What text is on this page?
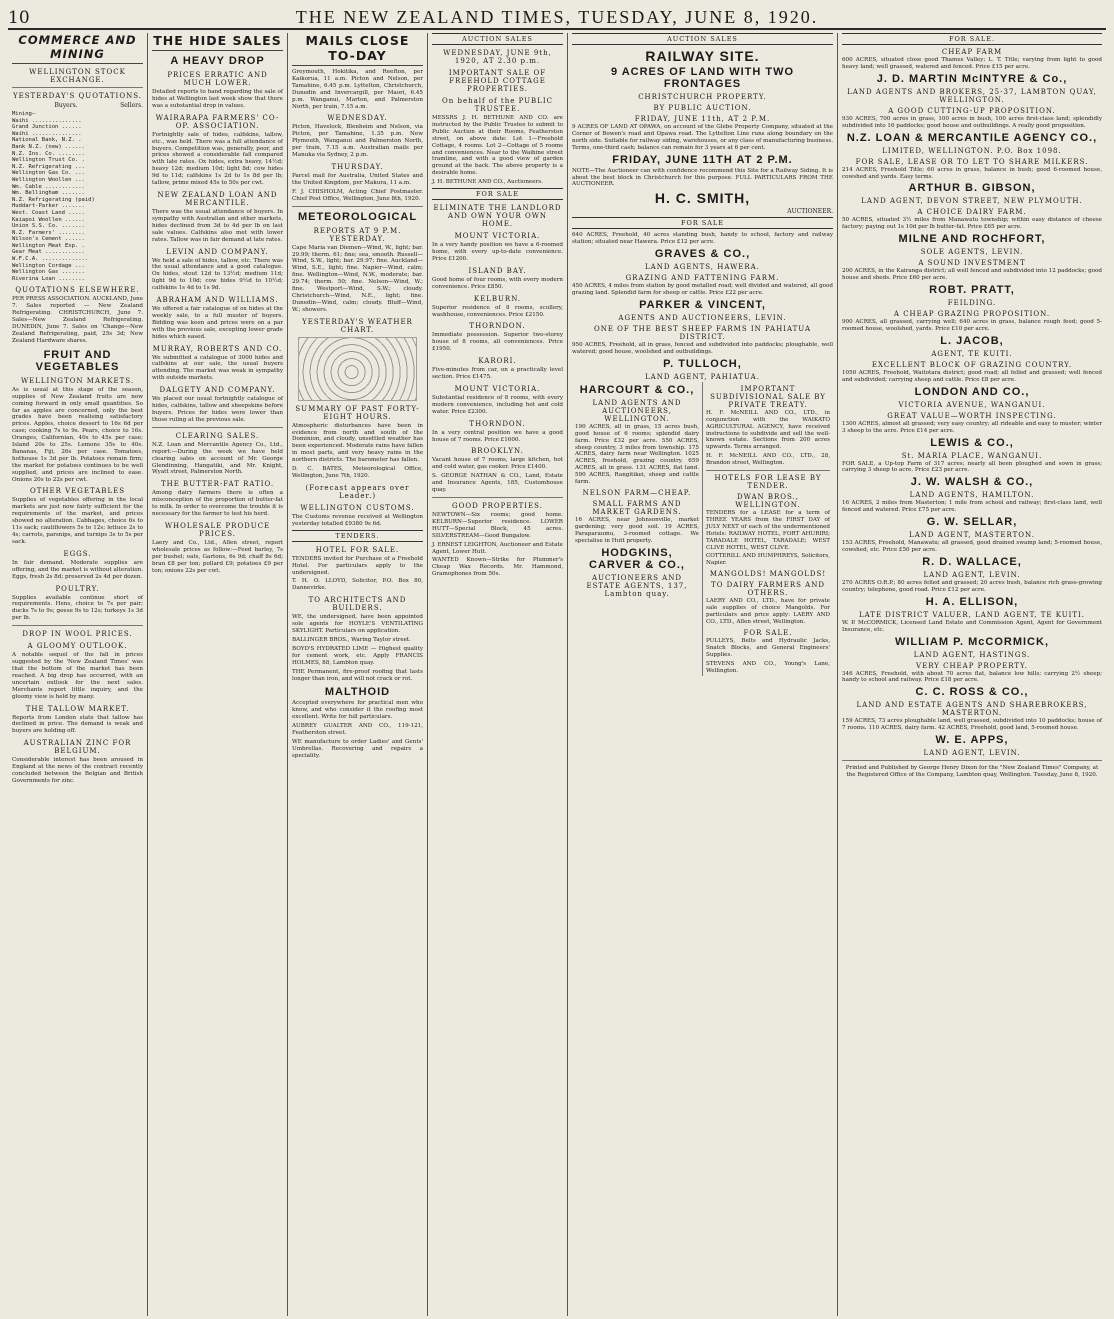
10	THE NEW ZEALAND TIMES, TUESDAY, JUNE 8, 1920.
COMMERCE AND MINING
WELLINGTON STOCK EXCHANGE.
YESTERDAY'S QUOTATIONS.
Buyers.	Sellers.
Mining—
Waihi ...............
Grand Junction ......
Waihi ...............
National Bank, N.Z. .
Bank N.Z. (new) ......
N.Z. Ins. Co. ........
Wellington Trust Co. .
N.Z. Refrigerating ...
Wellington Gas Co. ...
Wellington Woollen ...
Wm. Cable ............
Wm. Bellingham .......
N.Z. Refrigerating (paid)
Huddart-Parker .......
West. Coast Land .....
Kaiapoi Woollen ......
Union S.S. Co. .......
N.Z. Farmers' ........
Wilson's Cement ......
Wellington Meat Exp. .
Gear Meat ............
W.F.C.A. ..............
Wellington Cordage ...
Wellington Gas .......
Riverina Loan ........
QUOTATIONS ELSEWHERE.

PER PRESS ASSOCIATION. AUCKLAND, June 7. Sales reported — New Zealand Refrigerating. CHRISTCHURCH, June 7. Sales—New Zealand Refrigerating. DUNEDIN, June 7. Sales on 'Change—New Zealand Refrigerating, paid, 25s 3d; New Zealand Hardware shares.

FRUIT AND VEGETABLES
WELLINGTON MARKETS.

As is usual at this stage of the season, supplies of New Zealand fruits are now coming forward in only small quantities. So far as apples are concerned, only the best grades have been realising satisfactory prices. Apples, choice dessert to 16s 6d per case; cooking 7s to 9s. Pears, choice to 16s. Oranges, Californian, 40s to 45s per case; Island 20s to 25s. Lemons 35s to 40s. Bananas, Fiji, 26s per case. Tomatoes, hothouse 1s 3d per lb. Potatoes remain firm; the market for potatoes continues to be well supplied, and prices are inclined to ease. Onions 20s to 22s per cwt.

OTHER VEGETABLES

Supplies of vegetables offering in the local markets are just now fairly sufficient for the requirements of the market, and prices showed no alteration. Cabbages, choice 6s to 11s sack; cauliflowers 5s to 12s; lettuce 2s to 4s; carrots, parsnips, and turnips 3s to 5s per sack.

EGGS.

In fair demand. Moderate supplies are offering, and the market is without alteration. Eggs, fresh 2s 8d; preserved 2s 4d per dozen.

POULTRY.

Supplies available continue short of requirements. Hens, choice to 7s per pair; ducks 7s to 9s; geese 9s to 12s; turkeys 1s 3d per lb.

DROP IN WOOL PRICES.
A GLOOMY OUTLOOK.

A notable sequel of the fall in prices suggested by the 'New Zealand Times' was that the bottom of the market has been reached. A big drop has occurred, with an uncertain outlook for the next sales. Merchants report little inquiry, and the gloomy view is held by many.

THE TALLOW MARKET.

Reports from London state that tallow has declined in price. The demand is weak and buyers are holding off.

AUSTRALIAN ZINC FOR BELGIUM.

Considerable interest has been aroused in England at the news of the contract recently concluded between the Belgian and British Governments for zinc.

THE HIDE SALES
A HEAVY DROP
PRICES ERRATIC AND MUCH LOWER.

Detailed reports to hand regarding the sale of hides at Wellington last week show that there was a substantial drop in values.

WAIRARAPA FARMERS' CO-OP. ASSOCIATION.

Fortnightly sale of hides, calfskins, tallow, etc., was held. There was a full attendance of buyers. Competition was, generally, poor, and prices showed a considerable fall compared with late rates. Ox hides, extra heavy, 14½d; heavy 12d; medium 10d; light 8d; cow hides 9d to 11d; calfskins 1s 2d to 1s 8d per lb; tallow, prime mixed 45s to 50s per cwt.

NEW ZEALAND LOAN AND MERCANTILE.

There was the usual attendance of buyers. In sympathy with Australian and other markets, hides declined from 3d to 4d per lb on last sale values. Calfskins also met with lower rates. Tallow was in fair demand at late rates.

LEVIN AND COMPANY.

We held a sale of hides, tallow, etc. There was the usual attendance and a good catalogue. Ox hides, stout 12d to 13½d; medium 11d; light 9d to 10d; cow hides 9½d to 10½d; calfskins 1s 4d to 1s 9d.

ABRAHAM AND WILLIAMS.

We offered a fair catalogue of ox hides at the weekly sale, to a full muster of buyers. Bidding was keen and prices were on a par with the previous sale, excepting lower grade hides which eased.

MURRAY, ROBERTS AND CO.

We submitted a catalogue of 3000 hides and calfskins at our sale, the usual buyers attending. The market was weak in sympathy with outside markets.

DALGETY AND COMPANY.

We placed our usual fortnightly catalogue of hides, calfskins, tallow and sheepskins before buyers. Prices for hides were lower than those ruling at the previous sale.

CLEARING SALES.

N.Z. Loan and Mercantile Agency Co., Ltd., report:—During the week we have held clearing sales on account of Mr. George Glendinning, Hangatiki, and Mr. Knight, Wyatt street, Palmerston North.

THE BUTTER-FAT RATIO.

Among dairy farmers there is often a misconception of the proportion of butter-fat to milk. In order to overcome the trouble it is necessary for the farmer to test his herd.

WHOLESALE PRODUCE PRICES.

Laery and Co., Ltd., Allen street, report wholesale prices as follow:—Feed barley, 7s per bushel; oats, Gartons, 6s 9d; chaff 8s 6d; bran £8 per ton; pollard £9; potatoes £9 per ton; onions 22s per cwt.

MAILS CLOSE TO-DAY

Greymouth, Hokitika, and Reefton, per Kaikorua, 11 a.m. Picton and Nelson, per Tamahine, 6.45 p.m. Lyttelton, Christchurch, Dunedin and Invercargill, per Maori, 6.45 p.m. Wanganui, Marton, and Palmerston North, per train, 7.15 a.m.

WEDNESDAY.

Picton, Havelock, Blenheim and Nelson, via Picton, per Tamahine, 1.35 p.m. New Plymouth, Wanganui and Palmerston North, per train, 7.15 a.m. Australian mails per Manuka via Sydney, 2 p.m.

THURSDAY.

Parcel mail for Australia, United States and the United Kingdom, per Makura, 11 a.m.

F. J. CHISHOLM, Acting Chief Postmaster. Chief Post Office, Wellington, June 8th, 1920.

METEOROLOGICAL
REPORTS AT 9 P.M. YESTERDAY.

Cape Maria van Diemen—Wind, W., light; bar. 29.99; therm. 61; fine; sea, smooth. Russell—Wind, S.W., light; bar. 29.97; fine. Auckland—Wind, S.E., light; fine. Napier—Wind, calm; fine. Wellington—Wind, N.W., moderate; bar. 29.74; therm. 50; fine. Nelson—Wind, W.; fine. Westport—Wind, S.W.; cloudy. Christchurch—Wind, N.E., light; fine. Dunedin—Wind, calm; cloudy. Bluff—Wind, W.; showers.

YESTERDAY'S WEATHER CHART.
SUMMARY OF PAST FORTY-EIGHT HOURS.

Atmospheric disturbances have been in evidence from north and south of the Dominion, and cloudy, unsettled weather has been experienced. Moderate rains have fallen in most parts, and very heavy rains in the northern districts. The barometer has fallen.

D. C. BATES, Meteorological Office, Wellington, June 7th, 1920.

(Forecast appears over Leader.)
WELLINGTON CUSTOMS.

The Customs revenue received at Wellington yesterday totalled £9380 9s 6d.

TENDERS.
HOTEL FOR SALE.

TENDERS invited for Purchase of a Freehold Hotel. For particulars apply to the undersigned.

T. H. O. LLOYD, Solicitor, P.O. Box 80, Dannevirke.

TO ARCHITECTS AND BUILDERS.

WE, the undersigned, have been appointed sole agents for HOYLE'S VENTILATING SKYLIGHT. Particulars on application.

BALLINGER BROS., Waring Taylor street.

BOYD'S HYDRATED LIME — Highest quality for cement work, etc. Apply FRANCIS HOLMES, 88, Lambton quay.

THE Permanent, fire-proof roofing that lasts longer than iron, and will not crack or rot.

MALTHOID

Accepted everywhere for practical men who know, and who consider it the roofing most excellent. Write for full particulars.

AUBREY GUALTER AND CO., 119-121, Featherston street.

WE manufacture to order Ladies' and Gents' Umbrellas. Recovering and repairs a speciality.

AUCTION SALES
WEDNESDAY, JUNE 9th, 1920, AT 2.30 p.m.
IMPORTANT SALE OF FREEHOLD COTTAGE PROPERTIES.
On behalf of the PUBLIC TRUSTEE.

MESSRS J. H. BETHUNE AND CO. are instructed by the Public Trustee to submit to Public Auction at their Rooms, Featherston street, on above date: Lot 1—Freehold Cottage, 4 rooms. Lot 2—Cottage of 5 rooms and conveniences. Near to the Waihine street tramline, and with a good view of garden ground at the back. The above property is a desirable home.

J. H. BETHUNE AND CO., Auctioneers.

FOR SALE
ELIMINATE THE LANDLORD AND OWN YOUR OWN HOME.
MOUNT VICTORIA.

In a very handy position we have a 6-roomed home, with every up-to-date convenience. Price £1200.

ISLAND BAY.

Good home of four rooms, with every modern convenience. Price £850.

KELBURN.

Superior residence of 8 rooms, scullery, washhouse, conveniences. Price £2150.

THORNDON.

Immediate possession. Superior two-storey house of 8 rooms, all conveniences. Price £1950.

KARORI.

Five-minutes from car, on a practically level section. Price £1475.

MOUNT VICTORIA.

Substantial residence of 8 rooms, with every modern convenience, including hot and cold water. Price £2300.

THORNDON.

In a very central position we have a good house of 7 rooms. Price £1600.

BROOKLYN.

Vacant house of 7 rooms, large kitchen, hot and cold water, gas cooker. Price £1400.

S. GEORGE NATHAN & CO., Land, Estate and Insurance Agents, 185, Customhouse quay.

GOOD PROPERTIES.

NEWTOWN—Six rooms; good home. KELBURN—Superior residence. LOWER HUTT—Special Block, 45 acres. SILVERSTREAM—Good Bungalow.

J. ERNEST LEIGHTON, Auctioneer and Estate Agent, Lower Hutt.

WANTED Known—Strike for Plummer's Cheap Wax Records. Mr. Hammond, Gramophones from 50s.

AUCTION SALES
RAILWAY SITE.
9 ACRES OF LAND WITH TWO FRONTAGES
CHRISTCHURCH PROPERTY.
BY PUBLIC AUCTION.
FRIDAY, JUNE 11th, AT 2 P.M.

9 ACRES OF LAND AT OPAWA, on account of the Glebe Property Company, situated at the Corner of Bowen's road and Opawa road. The Lyttelton Line runs along boundary on the north side. Suitable for railway siding, warehouses, or any class of manufacturing business. Terms, one-third cash; balance can remain for 3 years at 6 per cent.

FRIDAY, JUNE 11TH AT 2 P.M.

NOTE—The Auctioneer can with confidence recommend this Site for a Railway Siding. It is about the best block in Christchurch for this purpose. FULL PARTICULARS FROM THE AUCTIONEER.

H. C. SMITH,
AUCTIONEER.
FOR SALE

640 ACRES, Freehold, 40 acres standing bush, handy to school, factory and railway station; situated near Hawera. Price £12 per acre.

GRAVES & CO.,
LAND AGENTS, HAWERA.
GRAZING AND FATTENING FARM.

450 ACRES, 4 miles from station by good metalled road; well divided and watered, all good grazing land. Splendid farm for sheep or cattle. Price £22 per acre.

PARKER & VINCENT,
AGENTS AND AUCTIONEERS, LEVIN.
ONE OF THE BEST SHEEP FARMS IN PAHIATUA DISTRICT.

950 ACRES, Freehold, all in grass, fenced and subdivided into paddocks; ploughable, well watered; good house, woolshed and outbuildings.

P. TULLOCH,
LAND AGENT, PAHIATUA.
HARCOURT & CO.,
LAND AGENTS AND AUCTIONEERS, WELLINGTON.

190 ACRES, all in grass, 15 acres bush, good house of 6 rooms; splendid dairy farm. Price £32 per acre. 550 ACRES, sheep country, 3 miles from township. 175 ACRES, dairy farm near Wellington. 1025 ACRES, freehold, grazing country. 659 ACRES, all in grass. 131 ACRES, flat land. 590 ACRES, Rangitikei, sheep and cattle farm.

NELSON FARM—CHEAP.
SMALL FARMS AND MARKET GARDENS.

16 ACRES, near Johnsonville, market gardening; very good soil. 19 ACRES, Paraparaumu, 3-roomed cottage. We specialise in Hutt property.

HODGKINS, CARVER & CO.,
AUCTIONEERS AND ESTATE AGENTS, 137, Lambton quay.
IMPORTANT SUBDIVISIONAL SALE BY PRIVATE TREATY.

H. F. McNEILL AND CO., LTD., in conjunction with the WAIKATO AGRICULTURAL AGENCY, have received instructions to subdivide and sell the well-known estate. Sections from 200 acres upwards. Terms arranged.

H. F. McNEILL AND CO., LTD., 28, Brandon street, Wellington.

HOTELS FOR LEASE BY TENDER.
DWAN BROS., WELLINGTON.

TENDERS for a LEASE for a term of THREE YEARS from the FIRST DAY of JULY NEXT of each of the undermentioned Hotels: RAILWAY HOTEL, FORT AHURIRI; TARADALE HOTEL, TARADALE; WEST CLIVE HOTEL, WEST CLIVE.

COTTERILL AND HUMPHREYS, Solicitors, Napier.

MANGOLDS! MANGOLDS!
TO DAIRY FARMERS AND OTHERS.

LAERY AND CO., LTD., have for private sale supplies of choice Mangolds. For particulars and price apply: LAERY AND CO., LTD., Allen street, Wellington.

FOR SALE.

PULLEYS, Belts and Hydraulic Jacks, Snatch Blocks, and General Engineers' Supplies.

STEVENS AND CO., Young's Lane, Wellington.

FOR SALE.
CHEAP FARM

600 ACRES, situated close good Thames Valley; L. T. Title; varying from light to good heavy land; well grassed, watered and fenced. Price £15 per acre.

J. D. MARTIN McINTYRE & Co.,
LAND AGENTS AND BROKERS, 25-37, LAMBTON QUAY, WELLINGTON.
A GOOD CUTTING-UP PROPOSITION.

930 ACRES, 700 acres in grass, 100 acres in bush, 100 acres first-class land; splendidly subdivided into 16 paddocks; good house and outbuildings. A really good proposition.

N.Z. LOAN & MERCANTILE AGENCY CO.,
LIMITED, WELLINGTON. P.O. Box 1098.
FOR SALE, LEASE OR TO LET TO SHARE MILKERS.

214 ACRES, Freehold Title; 60 acres in grass, balance in bush; good 6-roomed house, cowshed and yards. Easy terms.

ARTHUR B. GIBSON,
LAND AGENT, DEVON STREET, NEW PLYMOUTH.
A CHOICE DAIRY FARM.

50 ACRES, situated 3½ miles from Manawatu township; within easy distance of cheese factory; paying out 1s 10d per lb butter-fat. Price £65 per acre.

MILNE AND ROCHFORT,
SOLE AGENTS, LEVIN.
A SOUND INVESTMENT

200 ACRES, in the Kairanga district; all well fenced and subdivided into 12 paddocks; good house and sheds. Price £60 per acre.

ROBT. PRATT,
FEILDING.
A CHEAP GRAZING PROPOSITION.

900 ACRES, all grassed, carrying well; 640 acres in grass, balance rough feed; good 5-roomed house, woolshed, yards. Price £10 per acre.

L. JACOB,
AGENT, TE KUITI.
EXCELLENT BLOCK OF GRAZING COUNTRY.

1050 ACRES, Freehold, Waitotara district; good road; all felled and grassed; well fenced and subdivided; carrying sheep and cattle. Price £8 per acre.

LONDON AND CO.,
VICTORIA AVENUE, WANGANUI.
GREAT VALUE—WORTH INSPECTING.

1300 ACRES, almost all grassed; very easy country; all rideable and easy to muster; winter 3 sheep to the acre. Price £14 per acre.

LEWIS & CO.,
St. MARIA PLACE, WANGANUI.

FOR SALE, a Up-top Farm of 317 acres; nearly all been ploughed and sown in grass; carrying 3 sheep to acre. Price £23 per acre.

J. W. WALSH & CO.,
LAND AGENTS, HAMILTON.

16 ACRES, 2 miles from Masterton; 1 mile from school and railway; first-class land, well fenced and watered. Price £75 per acre.

G. W. SELLAR,
LAND AGENT, MASTERTON.

153 ACRES, Freehold, Manawatu; all grassed, good drained swamp land; 5-roomed house, cowshed, etc. Price £50 per acre.

R. D. WALLACE,
LAND AGENT, LEVIN.

270 ACRES O.R.P.; 80 acres felled and grassed; 20 acres bush, balance rich grass-growing country; telephone, good road. Price £12 per acre.

H. A. ELLISON,
LATE DISTRICT VALUER, LAND AGENT, TE KUITI.

W. P. McCORMICK, Licensed Land Estate and Commission Agent, Agent for Government Insurance, etc.

WILLIAM P. McCORMICK,
LAND AGENT, HASTINGS.
VERY CHEAP PROPERTY.

346 ACRES, Freehold, with about 70 acres flat, balance low hills; carrying 2½ sheep; handy to school and railway. Price £18 per acre.

C. C. ROSS & CO.,
LAND AND ESTATE AGENTS AND SHAREBROKERS, MASTERTON.

159 ACRES, 73 acres ploughable land, well grassed, subdivided into 10 paddocks; house of 7 rooms. 110 ACRES, dairy farm. 42 ACRES, Freehold, good land, 5-roomed house.

W. E. APPS,
LAND AGENT, LEVIN.
Printed and Published by George Henry Dixon for the "New Zealand Times" Company, at the Registered Office of the Company, Lambton quay, Wellington. Tuesday, June 8, 1920.
